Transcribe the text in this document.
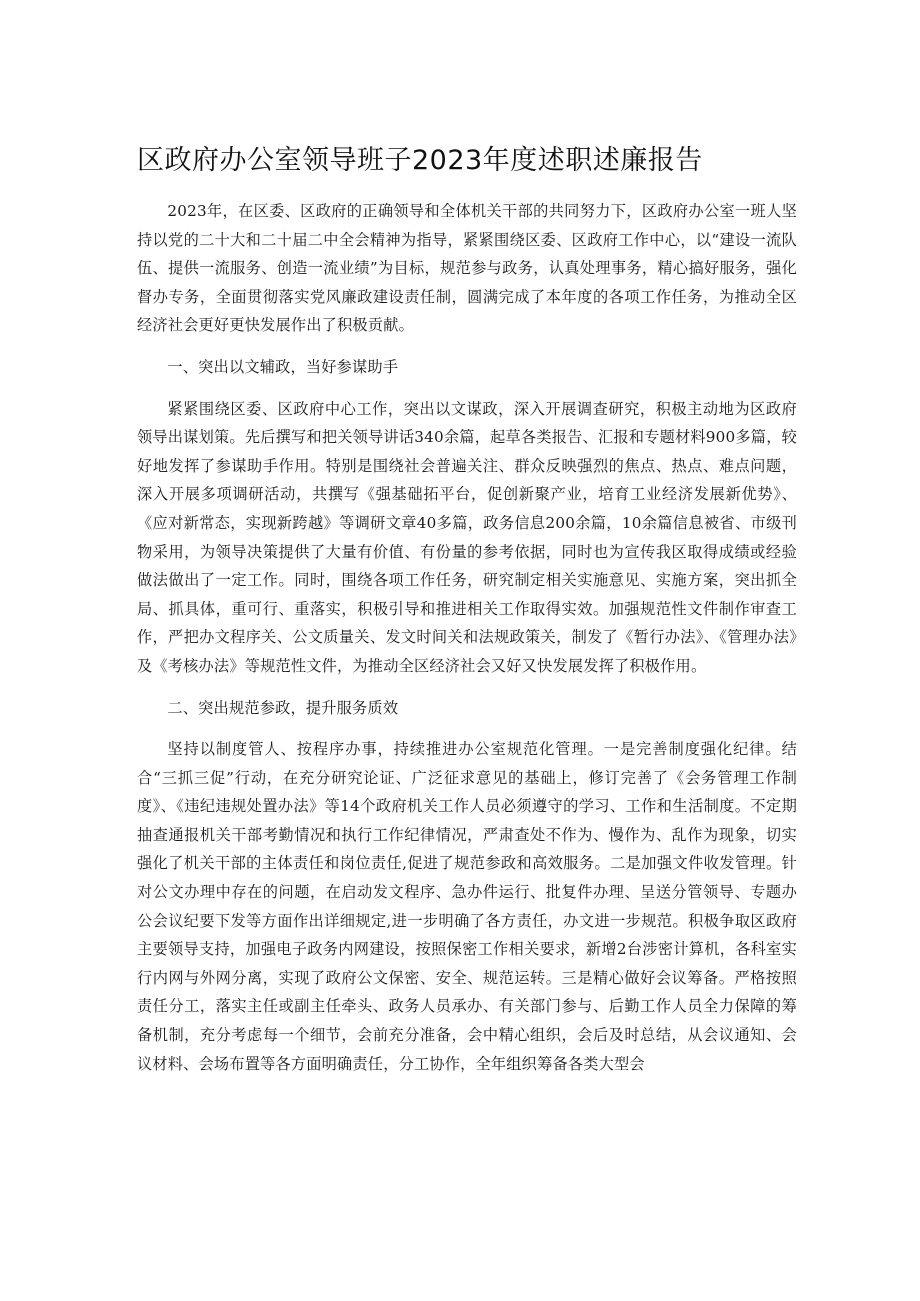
区政府办公室领导班子2023年度述职述廉报告

2023年，在区委、区政府的正确领导和全体机关干部的共同努力下，区政府办公室一班人坚持以党的二十大和二十届二中全会精神为指导，紧紧围绕区委、区政府工作中心，以“建设一流队伍、提供一流服务、创造一流业绩”为目标，规范参与政务，认真处理事务，精心搞好服务，强化督办专务，全面贯彻落实党风廉政建设责任制，圆满完成了本年度的各项工作任务，为推动全区经济社会更好更快发展作出了积极贡献。

一、突出以文辅政，当好参谋助手

紧紧围绕区委、区政府中心工作，突出以文谋政，深入开展调查研究，积极主动地为区政府领导出谋划策。先后撰写和把关领导讲话340余篇，起草各类报告、汇报和专题材料900多篇，较好地发挥了参谋助手作用。特别是围绕社会普遍关注、群众反映强烈的焦点、热点、难点问题，深入开展多项调研活动，共撰写《强基础拓平台，促创新聚产业，培育工业经济发展新优势》、《应对新常态，实现新跨越》等调研文章40多篇，政务信息200余篇，10余篇信息被省、市级刊物采用，为领导决策提供了大量有价值、有份量的参考依据，同时也为宣传我区取得成绩或经验做法做出了一定工作。同时，围绕各项工作任务，研究制定相关实施意见、实施方案，突出抓全局、抓具体，重可行、重落实，积极引导和推进相关工作取得实效。加强规范性文件制作审查工作，严把办文程序关、公文质量关、发文时间关和法规政策关，制发了《暂行办法》、《管理办法》及《考核办法》等规范性文件，为推动全区经济社会又好又快发展发挥了积极作用。

二、突出规范参政，提升服务质效

坚持以制度管人、按程序办事，持续推进办公室规范化管理。一是完善制度强化纪律。结合“三抓三促”行动，在充分研究论证、广泛征求意见的基础上，修订完善了《会务管理工作制度》、《违纪违规处置办法》等14个政府机关工作人员必须遵守的学习、工作和生活制度。不定期抽查通报机关干部考勤情况和执行工作纪律情况，严肃查处不作为、慢作为、乱作为现象，切实强化了机关干部的主体责任和岗位责任,促进了规范参政和高效服务。二是加强文件收发管理。针对公文办理中存在的问题，在启动发文程序、急办件运行、批复件办理、呈送分管领导、专题办公会议纪要下发等方面作出详细规定,进一步明确了各方责任，办文进一步规范。积极争取区政府主要领导支持，加强电子政务内网建设，按照保密工作相关要求，新增2台涉密计算机，各科室实行内网与外网分离，实现了政府公文保密、安全、规范运转。三是精心做好会议筹备。严格按照责任分工，落实主任或副主任牵头、政务人员承办、有关部门参与、后勤工作人员全力保障的筹备机制，充分考虑每一个细节，会前充分准备，会中精心组织，会后及时总结，从会议通知、会议材料、会场布置等各方面明确责任，分工协作，全年组织筹备各类大型会
